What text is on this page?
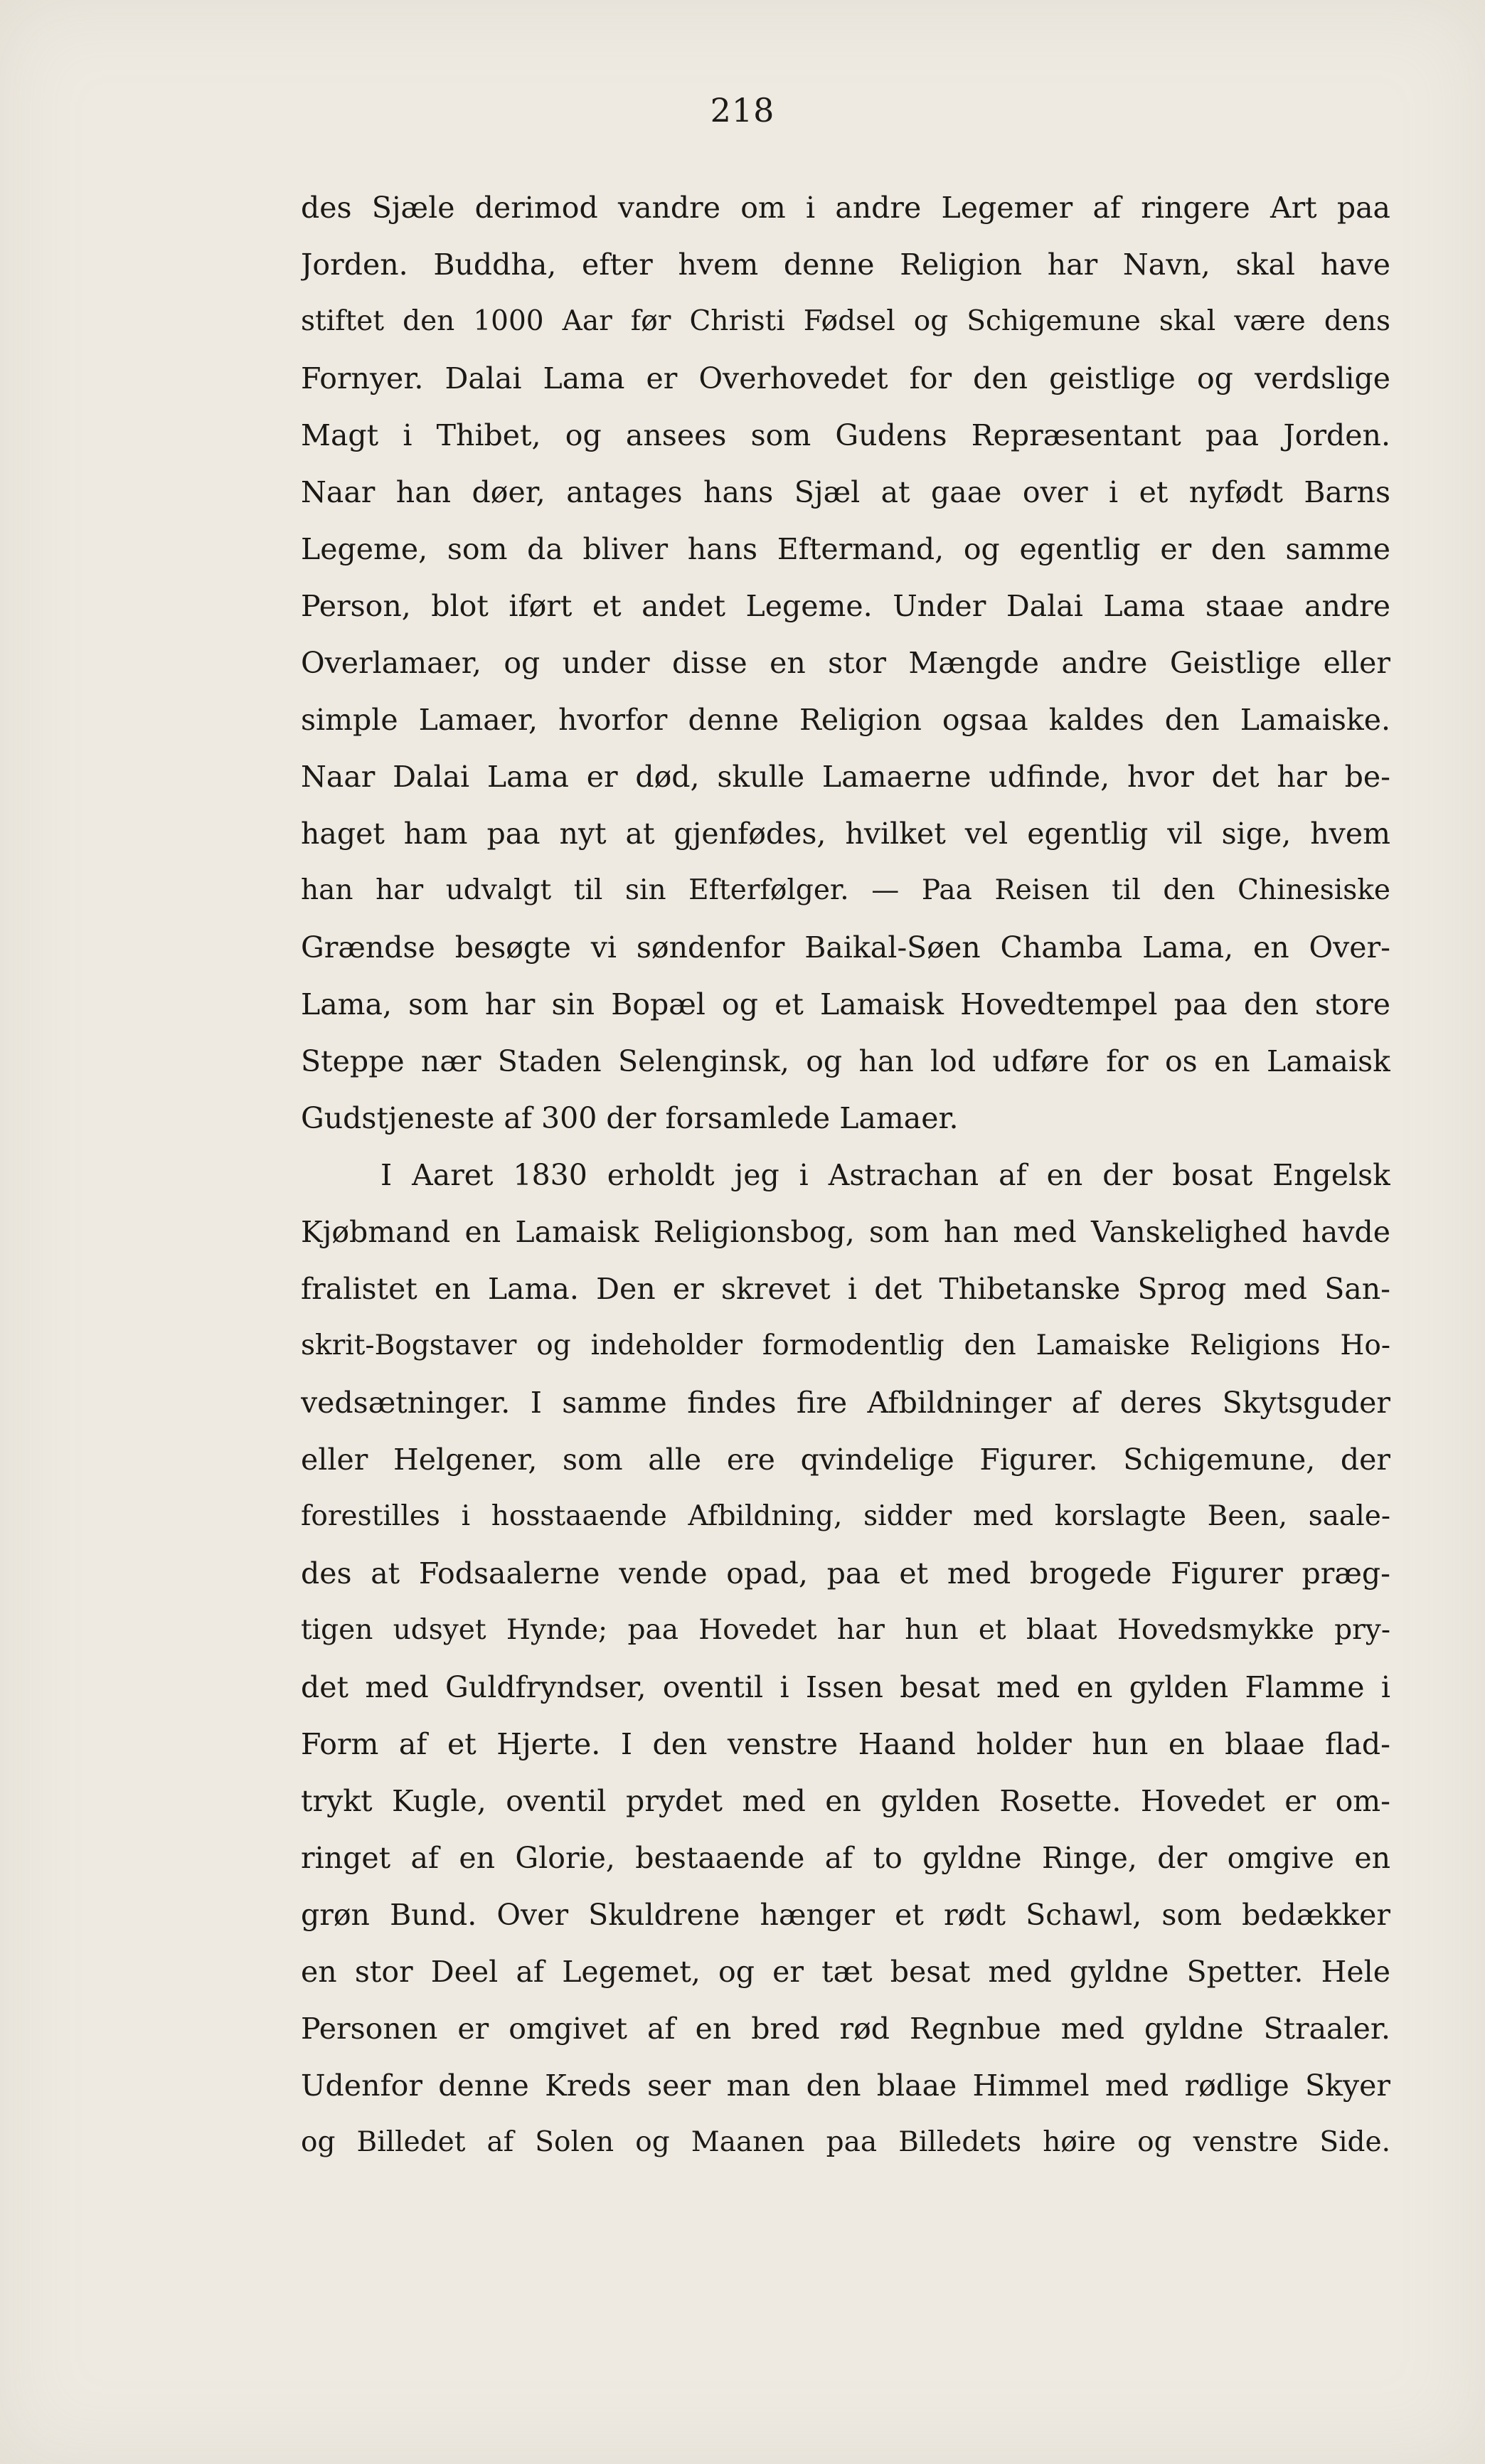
218
des Sjæle derimod vandre om i andre Legemer af ringere Art paa
Jorden. Buddha, efter hvem denne Religion har Navn, skal have
stiftet den 1000 Aar før Christi Fødsel og Schigemune skal være dens
Fornyer. Dalai Lama er Overhovedet for den geistlige og verdslige
Magt i Thibet, og ansees som Gudens Repræsentant paa Jorden.
Naar han døer, antages hans Sjæl at gaae over i et nyfødt Barns
Legeme, som da bliver hans Eftermand, og egentlig er den samme
Person, blot iført et andet Legeme. Under Dalai Lama staae andre
Overlamaer, og under disse en stor Mængde andre Geistlige eller
simple Lamaer, hvorfor denne Religion ogsaa kaldes den Lamaiske.
Naar Dalai Lama er død, skulle Lamaerne udfinde, hvor det har be-
haget ham paa nyt at gjenfødes, hvilket vel egentlig vil sige, hvem
han har udvalgt til sin Efterfølger. — Paa Reisen til den Chinesiske
Grændse besøgte vi søndenfor Baikal-Søen Chamba Lama, en Over-
Lama, som har sin Bopæl og et Lamaisk Hovedtempel paa den store
Steppe nær Staden Selenginsk, og han lod udføre for os en Lamaisk
Gudstjeneste af 300 der forsamlede Lamaer.
I Aaret 1830 erholdt jeg i Astrachan af en der bosat Engelsk
Kjøbmand en Lamaisk Religionsbog, som han med Vanskelighed havde
fralistet en Lama. Den er skrevet i det Thibetanske Sprog med San-
skrit-Bogstaver og indeholder formodentlig den Lamaiske Religions Ho-
vedsætninger. I samme findes fire Afbildninger af deres Skytsguder
eller Helgener, som alle ere qvindelige Figurer. Schigemune, der
forestilles i hosstaaende Afbildning, sidder med korslagte Been, saale-
des at Fodsaalerne vende opad, paa et med brogede Figurer præg-
tigen udsyet Hynde; paa Hovedet har hun et blaat Hovedsmykke pry-
det med Guldfryndser, oventil i Issen besat med en gylden Flamme i
Form af et Hjerte. I den venstre Haand holder hun en blaae flad-
trykt Kugle, oventil prydet med en gylden Rosette. Hovedet er om-
ringet af en Glorie, bestaaende af to gyldne Ringe, der omgive en
grøn Bund. Over Skuldrene hænger et rødt Schawl, som bedækker
en stor Deel af Legemet, og er tæt besat med gyldne Spetter. Hele
Personen er omgivet af en bred rød Regnbue med gyldne Straaler.
Udenfor denne Kreds seer man den blaae Himmel med rødlige Skyer
og Billedet af Solen og Maanen paa Billedets høire og venstre Side.
